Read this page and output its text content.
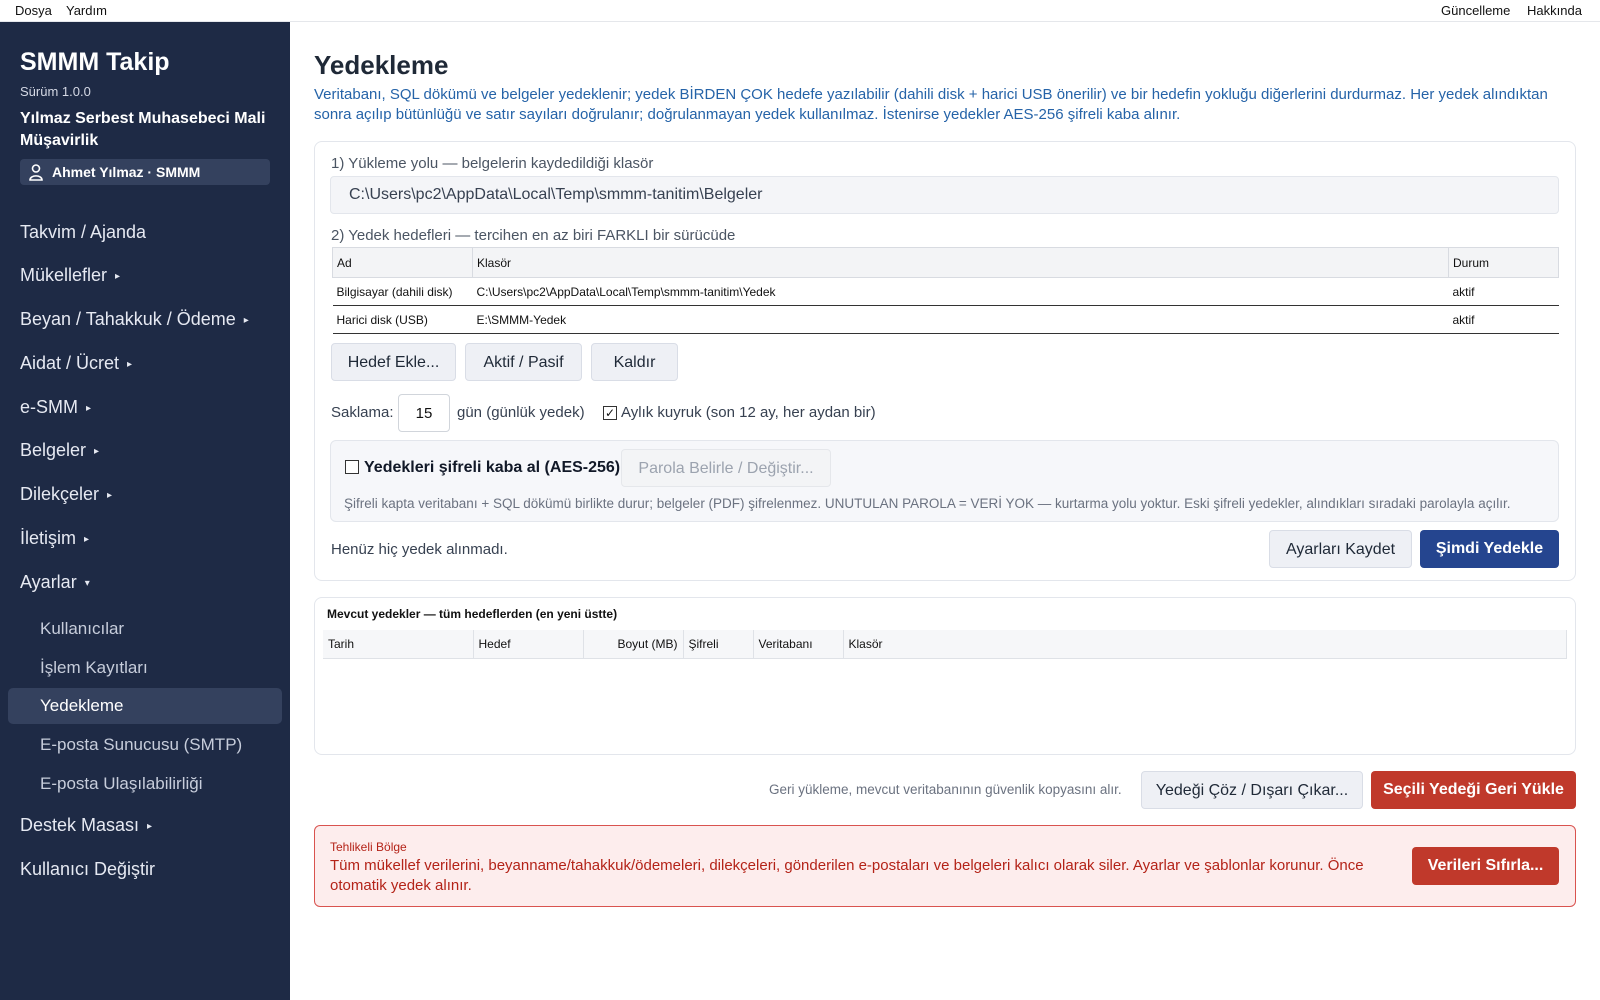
Dosya Yardım	Güncelleme Hakkında
SMMM Takip
Sürüm 1.0.0
Yılmaz Serbest Muhasebeci Mali Müşavirlik
Ahmet Yılmaz · SMMM
Takvim / Ajanda
Mükellefler ▸
Beyan / Tahakkuk / Ödeme ▸
Aidat / Ücret ▸
e-SMM ▸
Belgeler ▸
Dilekçeler ▸
İletişim ▸
Ayarlar ▾
Kullanıcılar
İşlem Kayıtları
Yedekleme
E-posta Sunucusu (SMTP)
E-posta Ulaşılabilirliği
Destek Masası ▸
Kullanıcı Değiştir
Yedekleme
Veritabanı, SQL dökümü ve belgeler yedeklenir; yedek BİRDEN ÇOK hedefe yazılabilir (dahili disk + harici USB önerilir) ve bir hedefin yokluğu diğerlerini durdurmaz. Her yedek alındıktan sonra açılıp bütünlüğü ve satır sayıları doğrulanır; doğrulanmayan yedek kullanılmaz. İstenirse yedekler AES-256 şifreli kaba alınır.
1) Yükleme yolu — belgelerin kaydedildiği klasör
C:\Users\pc2\AppData\Local\Temp\smmm-tanitim\Belgeler
2) Yedek hedefleri — tercihen en az biri FARKLI bir sürücüde
Ad	Klasör	Durum
Bilgisayar (dahili disk)	C:\Users\pc2\AppData\Local\Temp\smmm-tanitim\Yedek	aktif
Harici disk (USB)	E:\SMMM-Yedek	aktif
Hedef Ekle...	Aktif / Pasif	Kaldır
Saklama:	15	gün (günlük yedek) ✓ Aylık kuyruk (son 12 ay, her aydan bir)
Yedekleri şifreli kaba al (AES-256)	Parola Belirle / Değiştir...
Şifreli kapta veritabanı + SQL dökümü birlikte durur; belgeler (PDF) şifrelenmez. UNUTULAN PAROLA = VERİ YOK — kurtarma yolu yoktur. Eski şifreli yedekler, alındıkları sıradaki parolayla açılır.
Henüz hiç yedek alınmadı.	Ayarları Kaydet	Şimdi Yedekle
Mevcut yedekler — tüm hedeflerden (en yeni üstte)
Tarih	Hedef	Boyut (MB)	Şifreli	Veritabanı	Klasör
Geri yükleme, mevcut veritabanının güvenlik kopyasını alır.	Yedeği Çöz / Dışarı Çıkar...	Seçili Yedeği Geri Yükle
Tehlikeli Bölge
Tüm mükellef verilerini, beyanname/tahakkuk/ödemeleri, dilekçeleri, gönderilen e-postaları ve belgeleri kalıcı olarak siler. Ayarlar ve şablonlar korunur. Önce otomatik yedek alınır.
Verileri Sıfırla...
